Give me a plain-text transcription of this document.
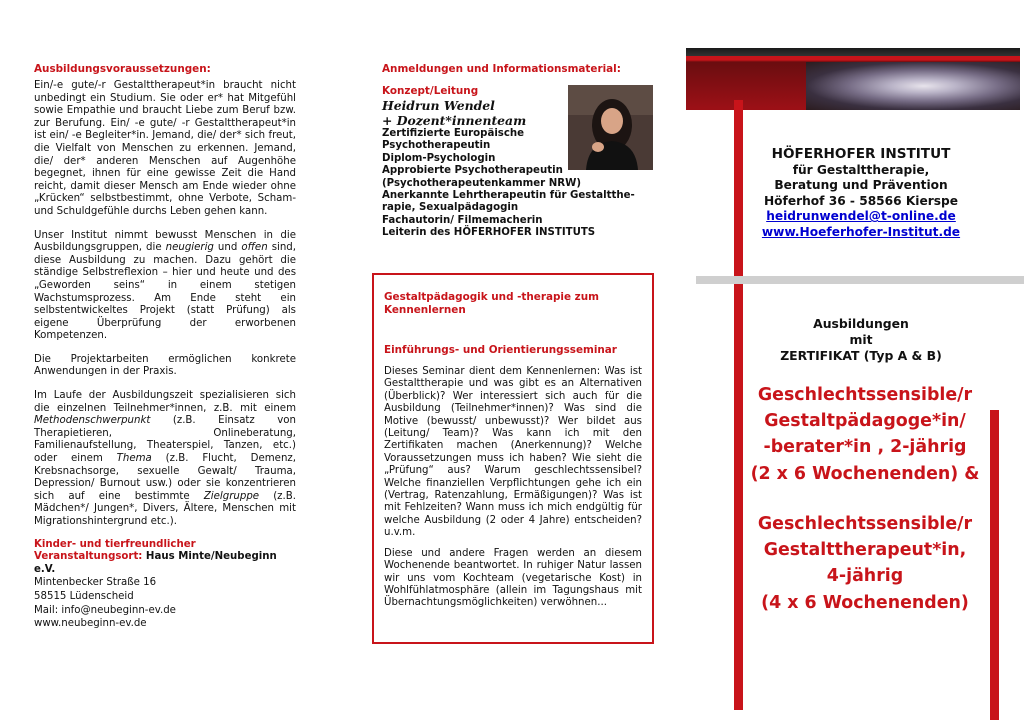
Ausbildungsvoraussetzungen:

Ein/-e gute/-r Gestalttherapeut*in braucht nicht unbedingt ein Studium. Sie oder er* hat Mitgefühl sowie Empathie und braucht Liebe zum Beruf bzw. zur Berufung. Ein/ -e gute/ -r Gestalttherapeut*in ist ein/ -e Begleiter*in. Jemand, die/ der* sich freut, die Vielfalt von Menschen zu erkennen. Jemand, die/ der* anderen Menschen auf Augenhöhe begegnet, ihnen für eine gewisse Zeit die Hand reicht, damit dieser Mensch am Ende wieder ohne „Krücken“ selbstbestimmt, ohne Verbote, Scham- und Schuldgefühle durchs Leben gehen kann.

Unser Institut nimmt bewusst Menschen in die Ausbildungsgruppen, die neugierig und offen sind, diese Ausbildung zu machen. Dazu gehört die ständige Selbstreflexion – hier und heute und des „Geworden seins“ in einem stetigen Wachstumsprozess. Am Ende steht ein selbstentwickeltes Projekt (statt Prüfung) als eigene Überprüfung der erworbenen Kompetenzen.

Die Projektarbeiten ermöglichen konkrete Anwendungen in der Praxis.

Im Laufe der Ausbildungszeit spezialisieren sich die einzelnen Teilnehmer*innen, z.B. mit einem Methodenschwerpunkt (z.B. Einsatz von Therapietieren, Onlineberatung, Familienaufstellung, Theaterspiel, Tanzen, etc.) oder einem Thema (z.B. Flucht, Demenz, Krebsnachsorge, sexuelle Gewalt/ Trauma, Depression/ Burnout usw.) oder sie konzentrieren sich auf eine bestimmte Zielgruppe (z.B. Mädchen*/ Jungen*, Divers, Ältere, Menschen mit Migrationshintergrund etc.).

Kinder- und tierfreundlicher Veranstaltungsort: Haus Minte/Neubeginn e.V.
Mintenbecker Straße 16
58515 Lüdenscheid
Mail: info@neubeginn-ev.de
www.neubeginn-ev.de
Anmeldungen und Informationsmaterial:
Konzept/Leitung
Heidrun Wendel
+ Dozent*innenteam
Zertifizierte Europäische
Psychotherapeutin
Diplom-Psychologin
Approbierte Psychotherapeutin
(Psychotherapeutenkammer NRW)
Anerkannte Lehrtherapeutin für Gestaltthe-
rapie, Sexualpädagogin
Fachautorin/ Filmemacherin
Leiterin des HÖFERHOFER INSTITUTS
Gestaltpädagogik und -therapie zum Kennenlernen
Einführungs- und Orientierungsseminar

Dieses Seminar dient dem Kennenlernen: Was ist Gestalttherapie und was gibt es an Alternativen (Überblick)? Wer interessiert sich auch für die Ausbildung (Teilnehmer*innen)? Was sind die Motive (bewusst/ unbewusst)? Wer bildet aus (Leitung/ Team)? Was kann ich mit den Zertifikaten machen (Anerkennung)? Welche Voraussetzungen muss ich haben? Wie sieht die „Prüfung“ aus? Warum geschlechtssensibel? Welche finanziellen Verpflichtungen gehe ich ein (Vertrag, Ratenzahlung, Ermäßigungen)? Was ist mit Fehlzeiten? Wann muss ich mich endgültig für welche Ausbildung (2 oder 4 Jahre) entscheiden? u.v.m.

Diese und andere Fragen werden an diesem Wochenende beantwortet. In ruhiger Natur lassen wir uns vom Kochteam (vegetarische Kost) in Wohlfühlatmosphäre (allein im Tagungshaus mit Übernachtungsmöglichkeiten) verwöhnen...

HÖFERHOFER INSTITUT
für Gestalttherapie,
Beratung und Prävention
Höferhof 36 - 58566 Kierspe
heidrunwendel@t-online.de
www.Hoeferhofer-Institut.de
Ausbildungen
mit
ZERTIFIKAT (Typ A & B)
Geschlechtssensible/r
Gestaltpädagoge*in/
-berater*in , 2-jährig
(2 x 6 Wochenenden) &
Geschlechtssensible/r
Gestalttherapeut*in,
4-jährig
(4 x 6 Wochenenden)
